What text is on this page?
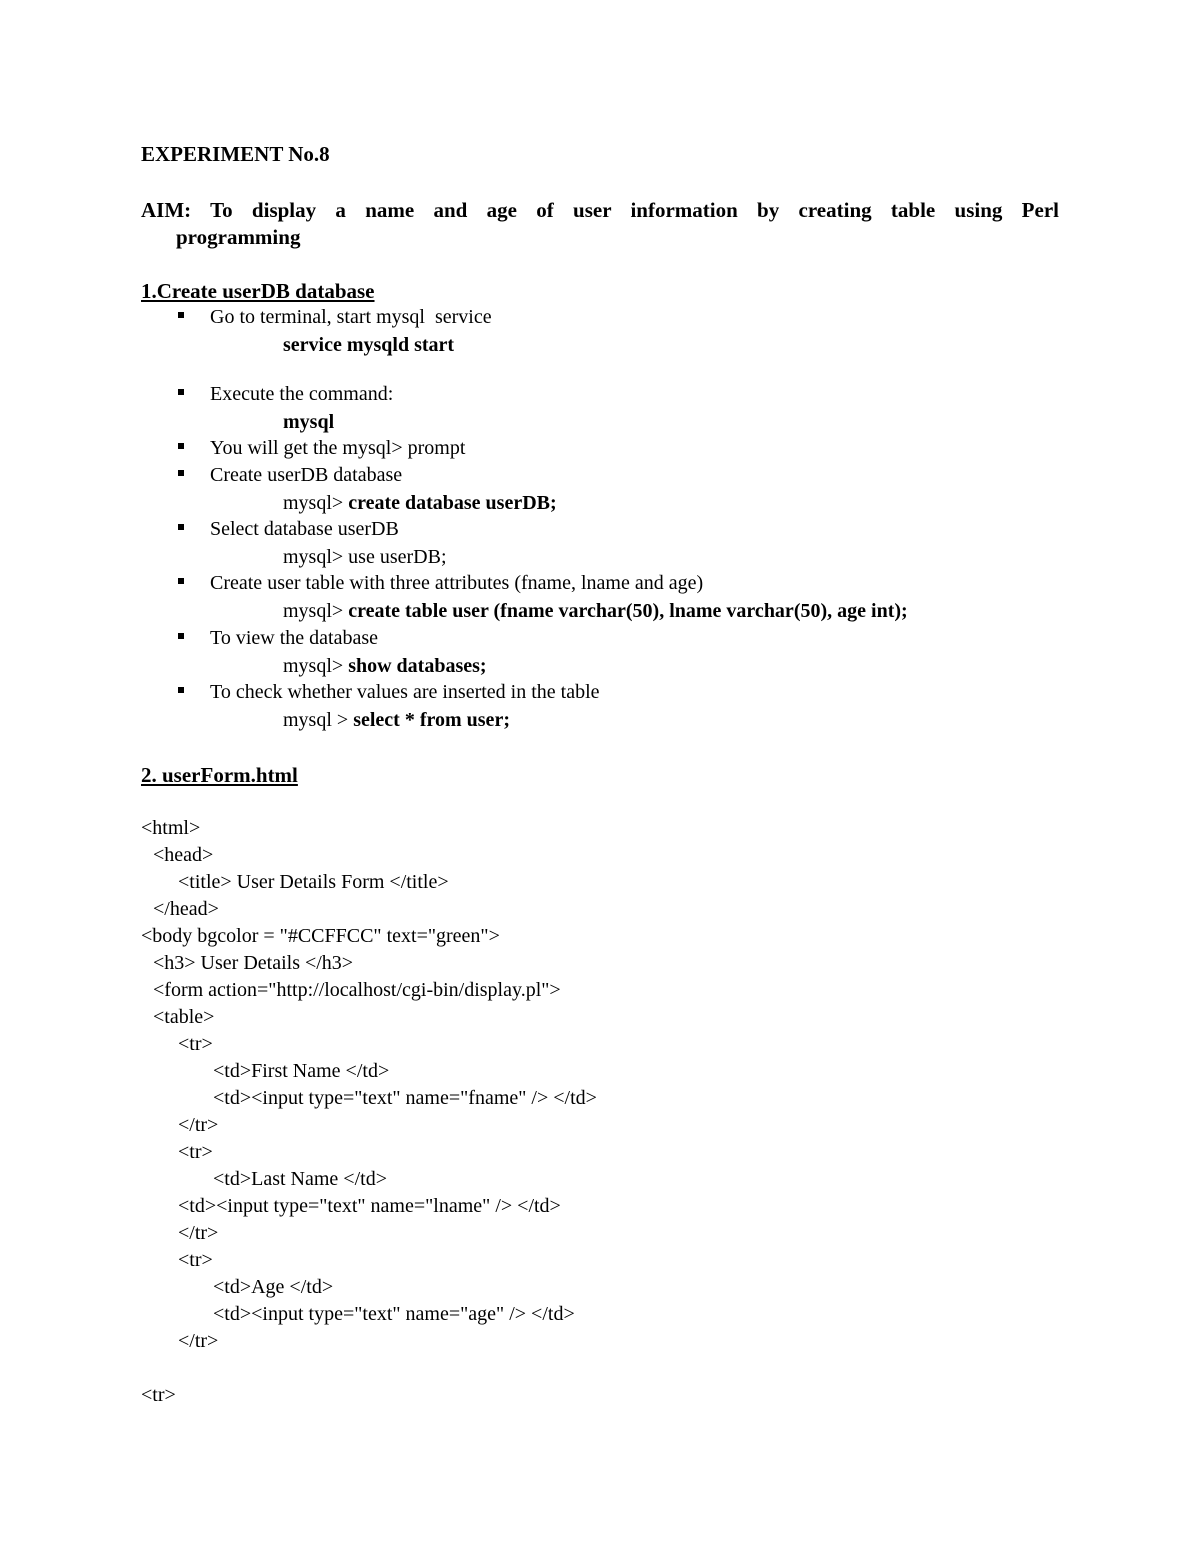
EXPERIMENT No.8
AIM: To display a name and age of user information by creating table using Perl
programming
1.Create userDB database
Go to terminal, start mysql  service
service mysqld start
Execute the command:
mysql
You will get the mysql> prompt
Create userDB database
mysql> create database userDB;
Select database userDB
mysql> use userDB;
Create user table with three attributes (fname, lname and age)
mysql> create table user (fname varchar(50), lname varchar(50), age int);
To view the database
mysql> show databases;
To check whether values are inserted in the table
mysql > select * from user;
2. userForm.html
<html>
<head>
<title> User Details Form </title>
</head>
<body bgcolor = "#CCFFCC" text="green">
<h3> User Details </h3>
<form action="http://localhost/cgi-bin/display.pl">
<table>
<tr>
<td>First Name </td>
<td><input type="text" name="fname" /> </td>
</tr>
<tr>
<td>Last Name </td>
<td><input type="text" name="lname" /> </td>
</tr>
<tr>
<td>Age </td>
<td><input type="text" name="age" /> </td>
</tr>
<tr>
